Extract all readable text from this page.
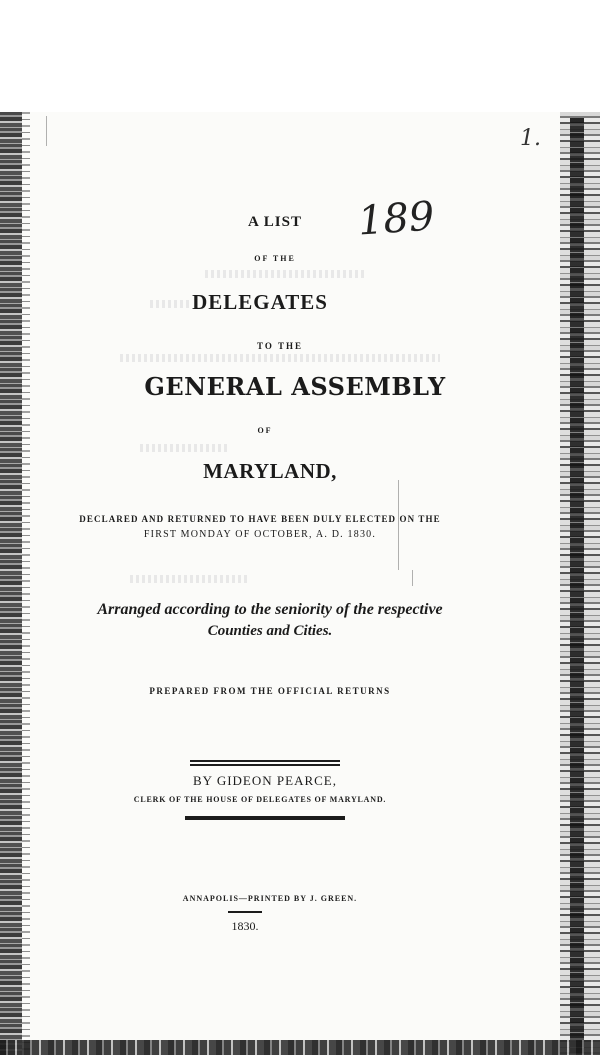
1.
189
A LIST
OF THE
DELEGATES
TO THE
GENERAL ASSEMBLY
OF
MARYLAND,
DECLARED AND RETURNED TO HAVE BEEN DULY ELECTED ON THE
FIRST MONDAY OF OCTOBER, A. D. 1830.
Arranged according to the seniority of the respective
Counties and Cities.
PREPARED FROM THE OFFICIAL RETURNS
BY GIDEON PEARCE,
CLERK OF THE HOUSE OF DELEGATES OF MARYLAND.
ANNAPOLIS—PRINTED BY J. GREEN.
1830.
